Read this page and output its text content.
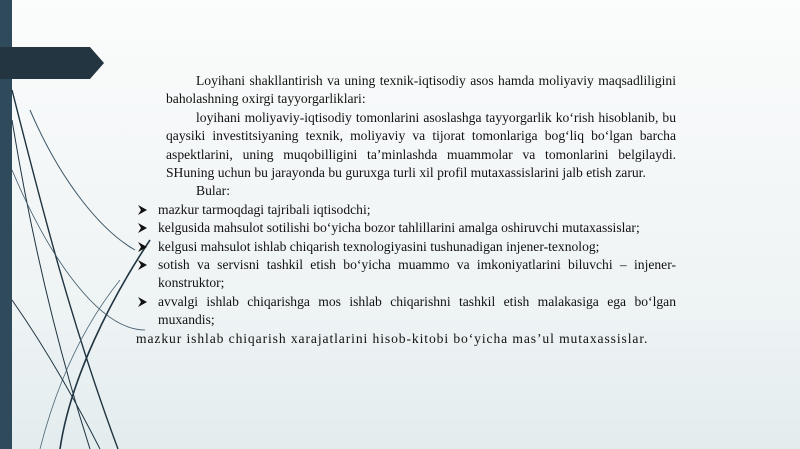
Loyihani shakllantirish va uning texnik-iqtisodiy asos hamda moliyaviy maqsadliligini baholashning oxirgi tayyorgarliklari:

loyihani moliyaviy-iqtisodiy tomonlarini asoslashga tayyorgarlik ko‘rish hisoblanib, bu qaysiki investitsiyaning texnik, moliyaviy va tijorat tomonlariga bog‘liq bo‘lgan barcha aspektlarini, uning muqobilligini ta’minlashda muammolar va tomonlarini belgilaydi. SHuning uchun bu jarayonda bu guruxga turli xil profil mutaxassislarini jalb etish zarur.

Bular:

mazkur tarmoqdagi tajribali iqtisodchi;
kelgusida mahsulot sotilishi bo‘yicha bozor tahlillarini amalga oshiruvchi mutaxassislar;
kelgusi mahsulot ishlab chiqarish texnologiyasini tushunadigan injener-texnolog;
sotish va servisni tashkil etish bo‘yicha muammo va imkoniyatlarini biluvchi – injener-konstruktor;
avvalgi ishlab chiqarishga mos ishlab chiqarishni tashkil etish malakasiga ega bo‘lgan muxandis;

mazkur ishlab chiqarish xarajatlarini hisob-kitobi bo‘yicha mas’ul mutaxassislar.
